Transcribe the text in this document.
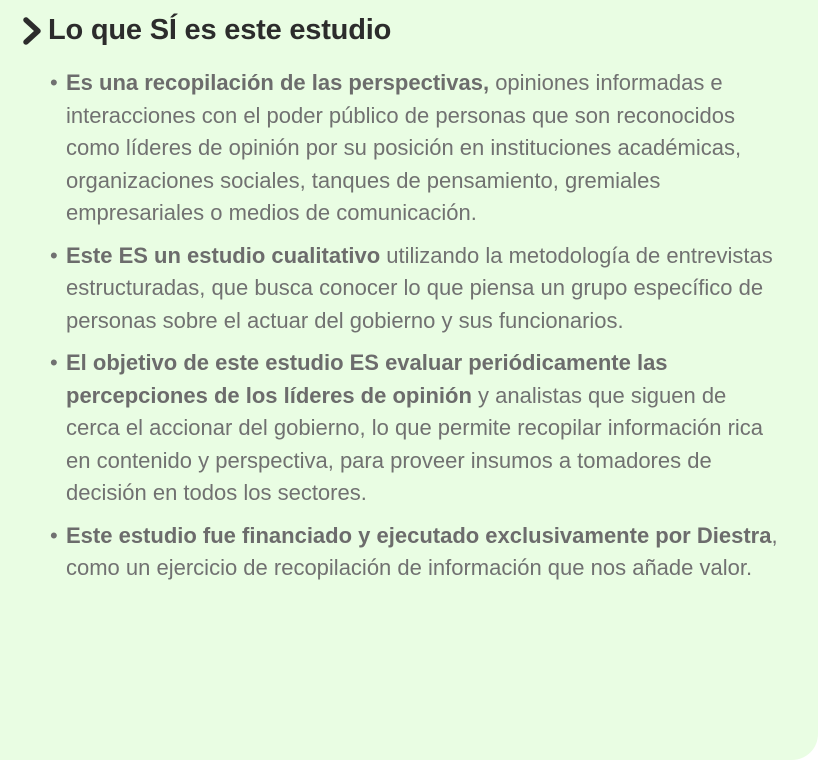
Lo que SÍ es este estudio
• Es una recopilación de las perspectivas, opiniones informadas e interacciones con el poder público de personas que son reconocidos como líderes de opinión por su posición en instituciones académicas, organizaciones sociales, tanques de pensamiento, gremiales empresariales o medios de comunicación.
• Este ES un estudio cualitativo utilizando la metodología de entrevistas estructuradas, que busca conocer lo que piensa un grupo específico de personas sobre el actuar del gobierno y sus funcionarios.
• El objetivo de este estudio ES evaluar periódicamente las percepciones de los líderes de opinión y analistas que siguen de cerca el accionar del gobierno, lo que permite recopilar información rica en contenido y perspectiva, para proveer insumos a tomadores de decisión en todos los sectores.
• Este estudio fue financiado y ejecutado exclusivamente por Diestra, como un ejercicio de recopilación de información que nos añade valor.
